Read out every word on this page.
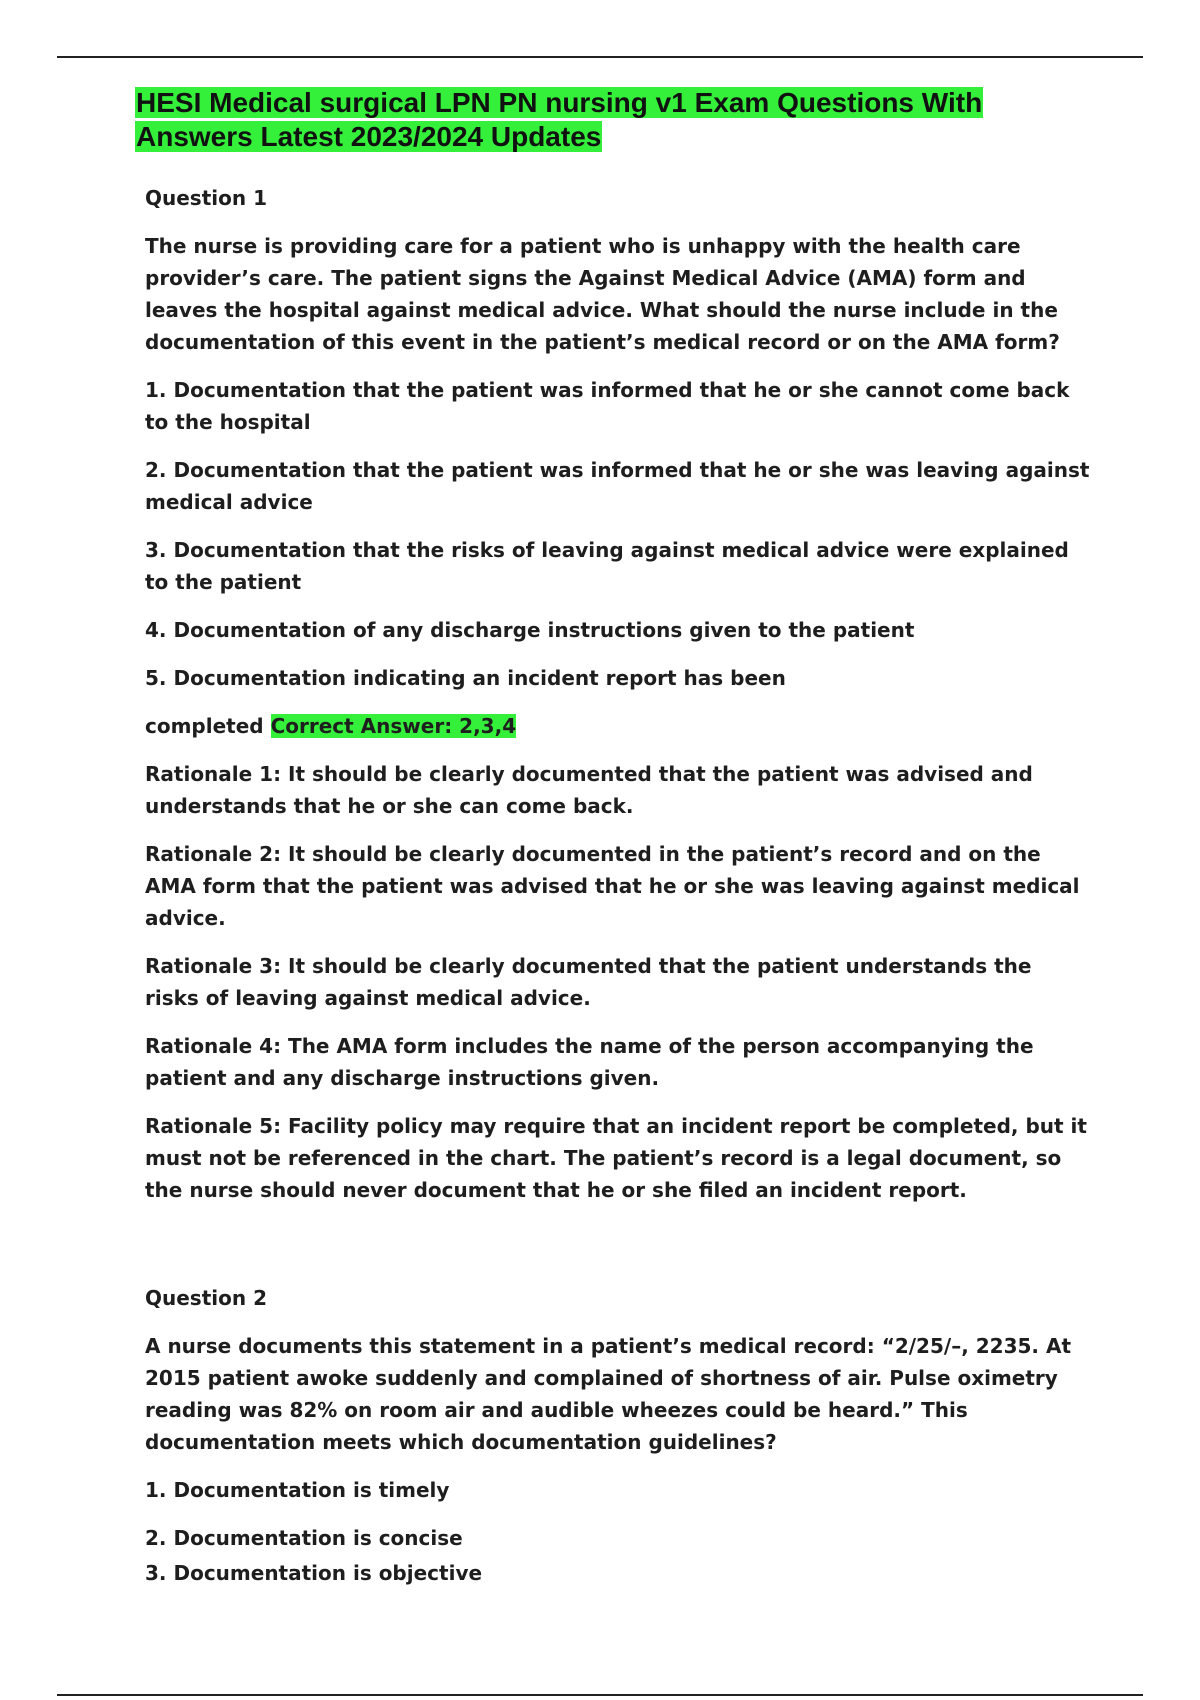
HESI Medical surgical LPN PN nursing v1 Exam Questions With Answers Latest 2023/2024 Updates

Question 1

The nurse is providing care for a patient who is unhappy with the health care provider’s care. The patient signs the Against Medical Advice (AMA) form and leaves the hospital against medical advice. What should the nurse include in the documentation of this event in the patient’s medical record or on the AMA form?

1. Documentation that the patient was informed that he or she cannot come back to the hospital

2. Documentation that the patient was informed that he or she was leaving against medical advice

3. Documentation that the risks of leaving against medical advice were explained to the patient

4. Documentation of any discharge instructions given to the patient

5. Documentation indicating an incident report has been

completed Correct Answer: 2,3,4

Rationale 1: It should be clearly documented that the patient was advised and understands that he or she can come back.

Rationale 2: It should be clearly documented in the patient’s record and on the AMA form that the patient was advised that he or she was leaving against medical advice.

Rationale 3: It should be clearly documented that the patient understands the risks of leaving against medical advice.

Rationale 4: The AMA form includes the name of the person accompanying the patient and any discharge instructions given.

Rationale 5: Facility policy may require that an incident report be completed, but it must not be referenced in the chart. The patient’s record is a legal document, so the nurse should never document that he or she filed an incident report.

Question 2

A nurse documents this statement in a patient’s medical record: “2/25/–, 2235. At 2015 patient awoke suddenly and complained of shortness of air. Pulse oximetry reading was 82% on room air and audible wheezes could be heard.” This documentation meets which documentation guidelines?

1. Documentation is timely

2. Documentation is concise

3. Documentation is objective
